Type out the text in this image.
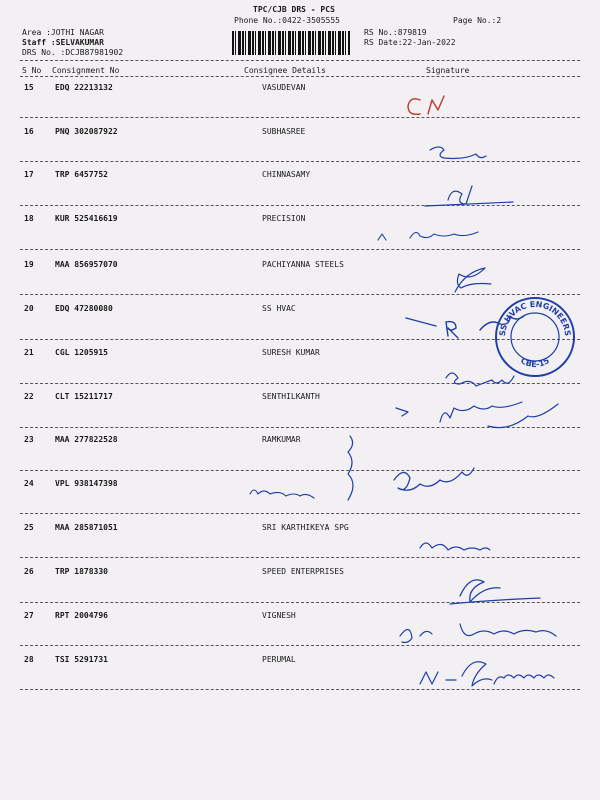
TPC/CJB DRS - PCS
Phone No.:0422-3505555	Page No.:2
Area :JOTHI NAGAR
Staff :SELVAKUMAR
DRS No. :DCJB87981902
RS No.:879819
RS Date:22-Jan-2022
S No Consignment No	Consignee Details	Signature
15	EDQ 22213132	VASUDEVAN
16	PNQ 302087922	SUBHASREE
17	TRP 6457752	CHINNASAMY
18	KUR 525416619	PRECISION
19	MAA 856957070	PACHIYANNA STEELS
20	EDQ 47280080	SS HVAC
21	CGL 1205915	SURESH KUMAR
22	CLT 15211717	SENTHILKANTH
23	MAA 277822528	RAMKUMAR
24	VPL 938147398
25	MAA 285871051	SRI KARTHIKEYA SPG
26	TRP 1878330	SPEED ENTERPRISES
27	RPT 2004796	VIGNESH
28	TSI 5291731	PERUMAL
SS HVAC ENGINEERS
CBE-15
